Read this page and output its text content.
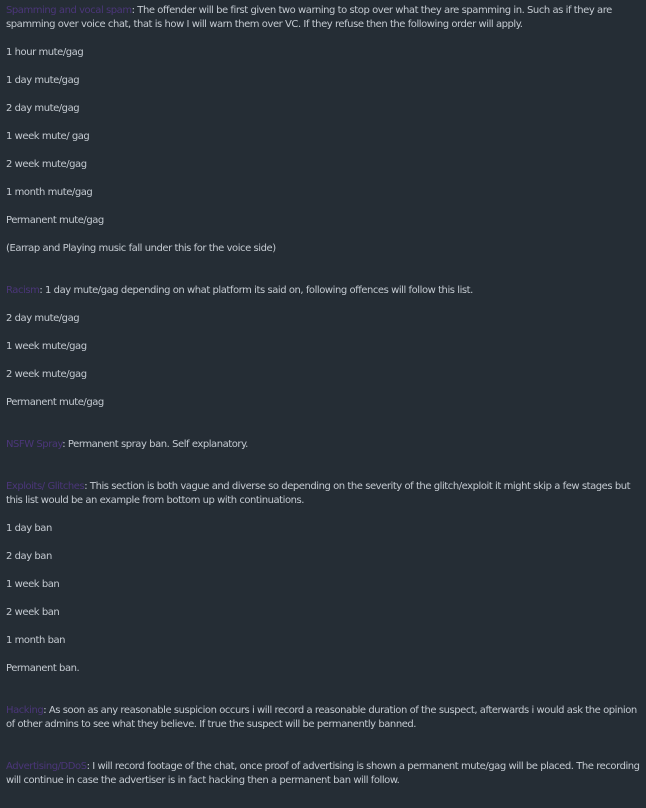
Spamming and vocal spam: The offender will be first given two warning to stop over what they are spamming in. Such as if they are spamming over voice chat, that is how I will warn them over VC. If they refuse then the following order will apply.

1 hour mute/gag

1 day mute/gag

2 day mute/gag

1 week mute/ gag

2 week mute/gag

1 month mute/gag

Permanent mute/gag

(Earrap and Playing music fall under this for the voice side)

Racism: 1 day mute/gag depending on what platform its said on, following offences will follow this list.

2 day mute/gag

1 week mute/gag

2 week mute/gag

Permanent mute/gag

NSFW Spray: Permanent spray ban. Self explanatory.

Exploits/ Glitches: This section is both vague and diverse so depending on the severity of the glitch/exploit it might skip a few stages but this list would be an example from bottom up with continuations.

1 day ban

2 day ban

1 week ban

2 week ban

1 month ban

Permanent ban.

Hacking: As soon as any reasonable suspicion occurs i will record a reasonable duration of the suspect, afterwards i would ask the opinion of other admins to see what they believe. If true the suspect will be permanently banned.

Advertising/DDoS: I will record footage of the chat, once proof of advertising is shown a permanent mute/gag will be placed. The recording will continue in case the advertiser is in fact hacking then a permanent ban will follow.
